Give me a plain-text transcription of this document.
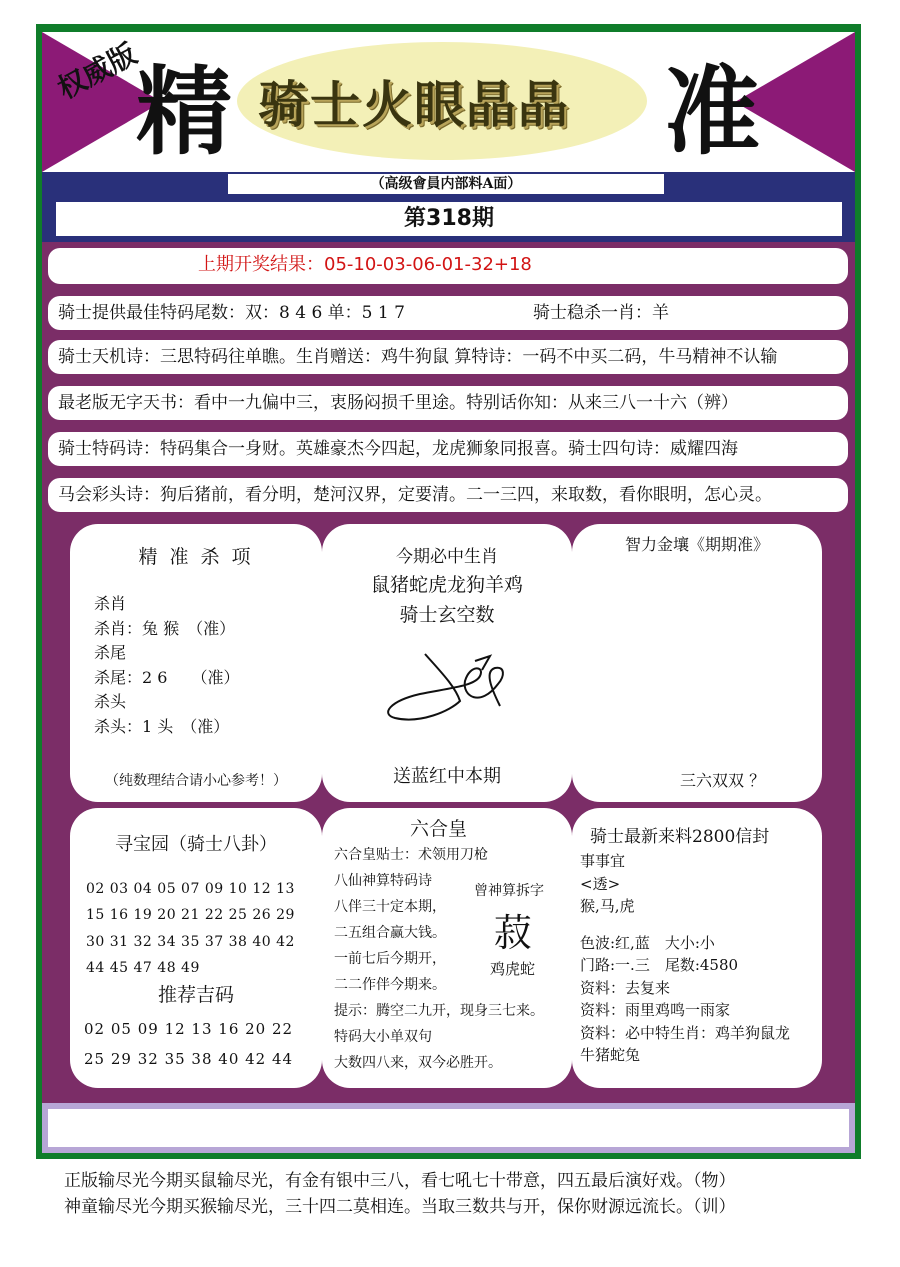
权威版
精 骑士火眼晶晶 准
（高级會員内部料A面）
第318期
上期开奖结果：05-10-03-06-01-32+18
骑士提供最佳特码尾数：双：8 4 6 单：5 1 7	骑士稳杀一肖：羊
骑士天机诗：三思特码往单瞧。生肖赠送：鸡牛狗鼠 算特诗：一码不中买二码，牛马精神不认输
最老版无字天书：看中一九偏中三，衷肠闷损千里途。特别话你知：从来三八一十六（辨）
骑士特码诗：特码集合一身财。英雄豪杰今四起，龙虎狮象同报喜。骑士四句诗：威耀四海
马会彩头诗：狗后猪前，看分明，楚河汉界，定要清。二一三四，来取数，看你眼明，怎心灵。
精 准 杀 项
杀肖
杀肖：兔 猴　（准）
杀尾
杀尾：2 6　　（准）
杀头
杀头：1 头　（准）
（纯数理结合请小心参考！）
今期必中生肖
鼠猪蛇虎龙狗羊鸡
骑士玄空数
送蓝红中本期
智力金壤《期期准》
三六双双 ？
寻宝园（骑士八卦）
02 03 04 05 07 09 10 12 13
15 16 19 20 21 22 25 26 29
30 31 32 34 35 37 38 40 42
44 45 47 48 49
推荐吉码
02 05 09 12 13 16 20 22
25 29 32 35 38 40 42 44
六合皇
六合皇贴士：术领用刀枪
八仙神算特码诗
八伴三十定本期，
二五组合赢大钱。
一前七后今期开，
二二作伴今期来。
提示：腾空二九开，现身三七来。
特码大小单双句
大数四八来，双今必胜开。
曾神算拆字
菽
鸡虎蛇
骑士最新来料2800信封
事事宜
<透>
猴,马,虎
色波:红,蓝　大小:小
门路:一.三　尾数:4580
资料：去复来
资料：雨里鸡鸣一雨家
资料：必中特生肖：鸡羊狗鼠龙
牛猪蛇兔
正版输尽光今期买鼠输尽光，有金有银中三八，看七吼七十带意，四五最后演好戏。（物）
神童输尽光今期买猴输尽光，三十四二莫相连。当取三数共与开，保你财源远流长。（训）
